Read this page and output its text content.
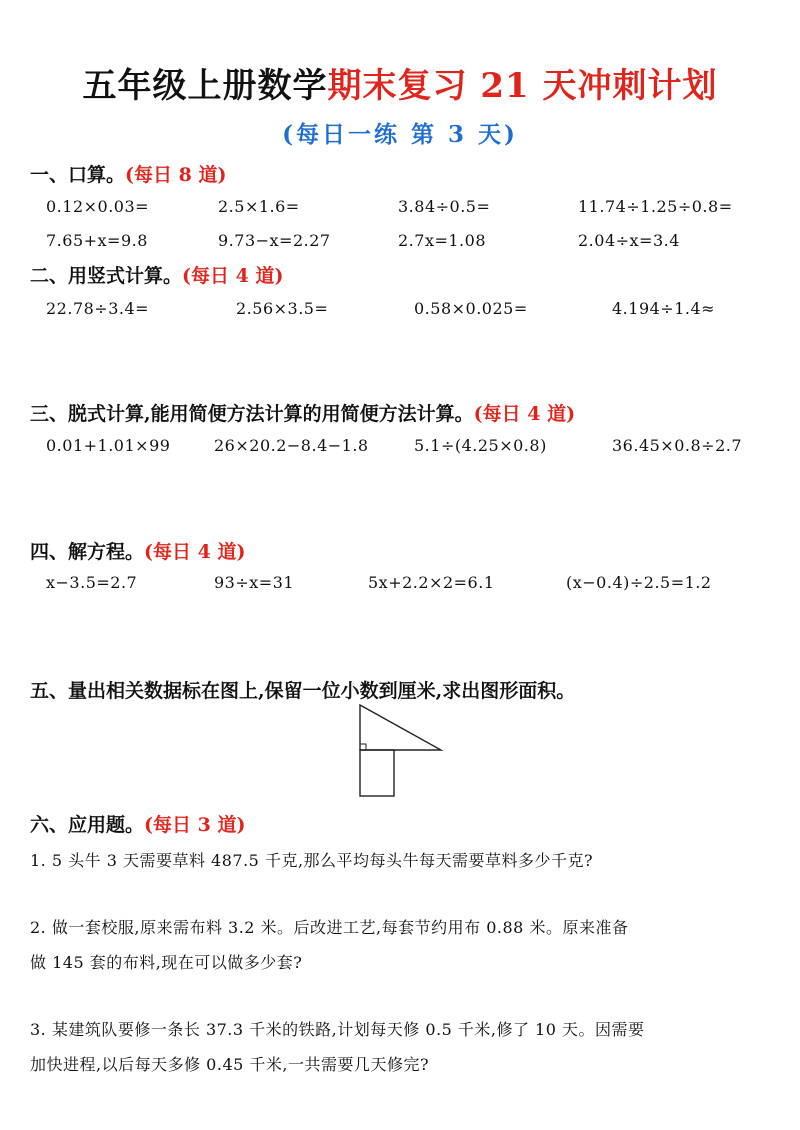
五年级上册数学期末复习 21 天冲刺计划
(每日一练 第 3 天)
一、口算。(每日 8 道)
0.12×0.03=	2.5×1.6=	3.84÷0.5=	11.74÷1.25÷0.8=
7.65+x=9.8	9.73−x=2.27	2.7x=1.08	2.04÷x=3.4
二、用竖式计算。(每日 4 道)
22.78÷3.4=	2.56×3.5=	0.58×0.025=	4.194÷1.4≈
三、脱式计算,能用简便方法计算的用简便方法计算。(每日 4 道)
0.01+1.01×99	26×20.2−8.4−1.8	5.1÷(4.25×0.8)	36.45×0.8÷2.7
四、解方程。(每日 4 道)
x−3.5=2.7	93÷x=31	5x+2.2×2=6.1	(x−0.4)÷2.5=1.2
五、量出相关数据标在图上,保留一位小数到厘米,求出图形面积。
六、应用题。(每日 3 道)
1. 5 头牛 3 天需要草料 487.5 千克,那么平均每头牛每天需要草料多少千克?
2. 做一套校服,原来需布料 3.2 米。后改进工艺,每套节约用布 0.88 米。原来准备
做 145 套的布料,现在可以做多少套?
3. 某建筑队要修一条长 37.3 千米的铁路,计划每天修 0.5 千米,修了 10 天。因需要
加快进程,以后每天多修 0.45 千米,一共需要几天修完?
